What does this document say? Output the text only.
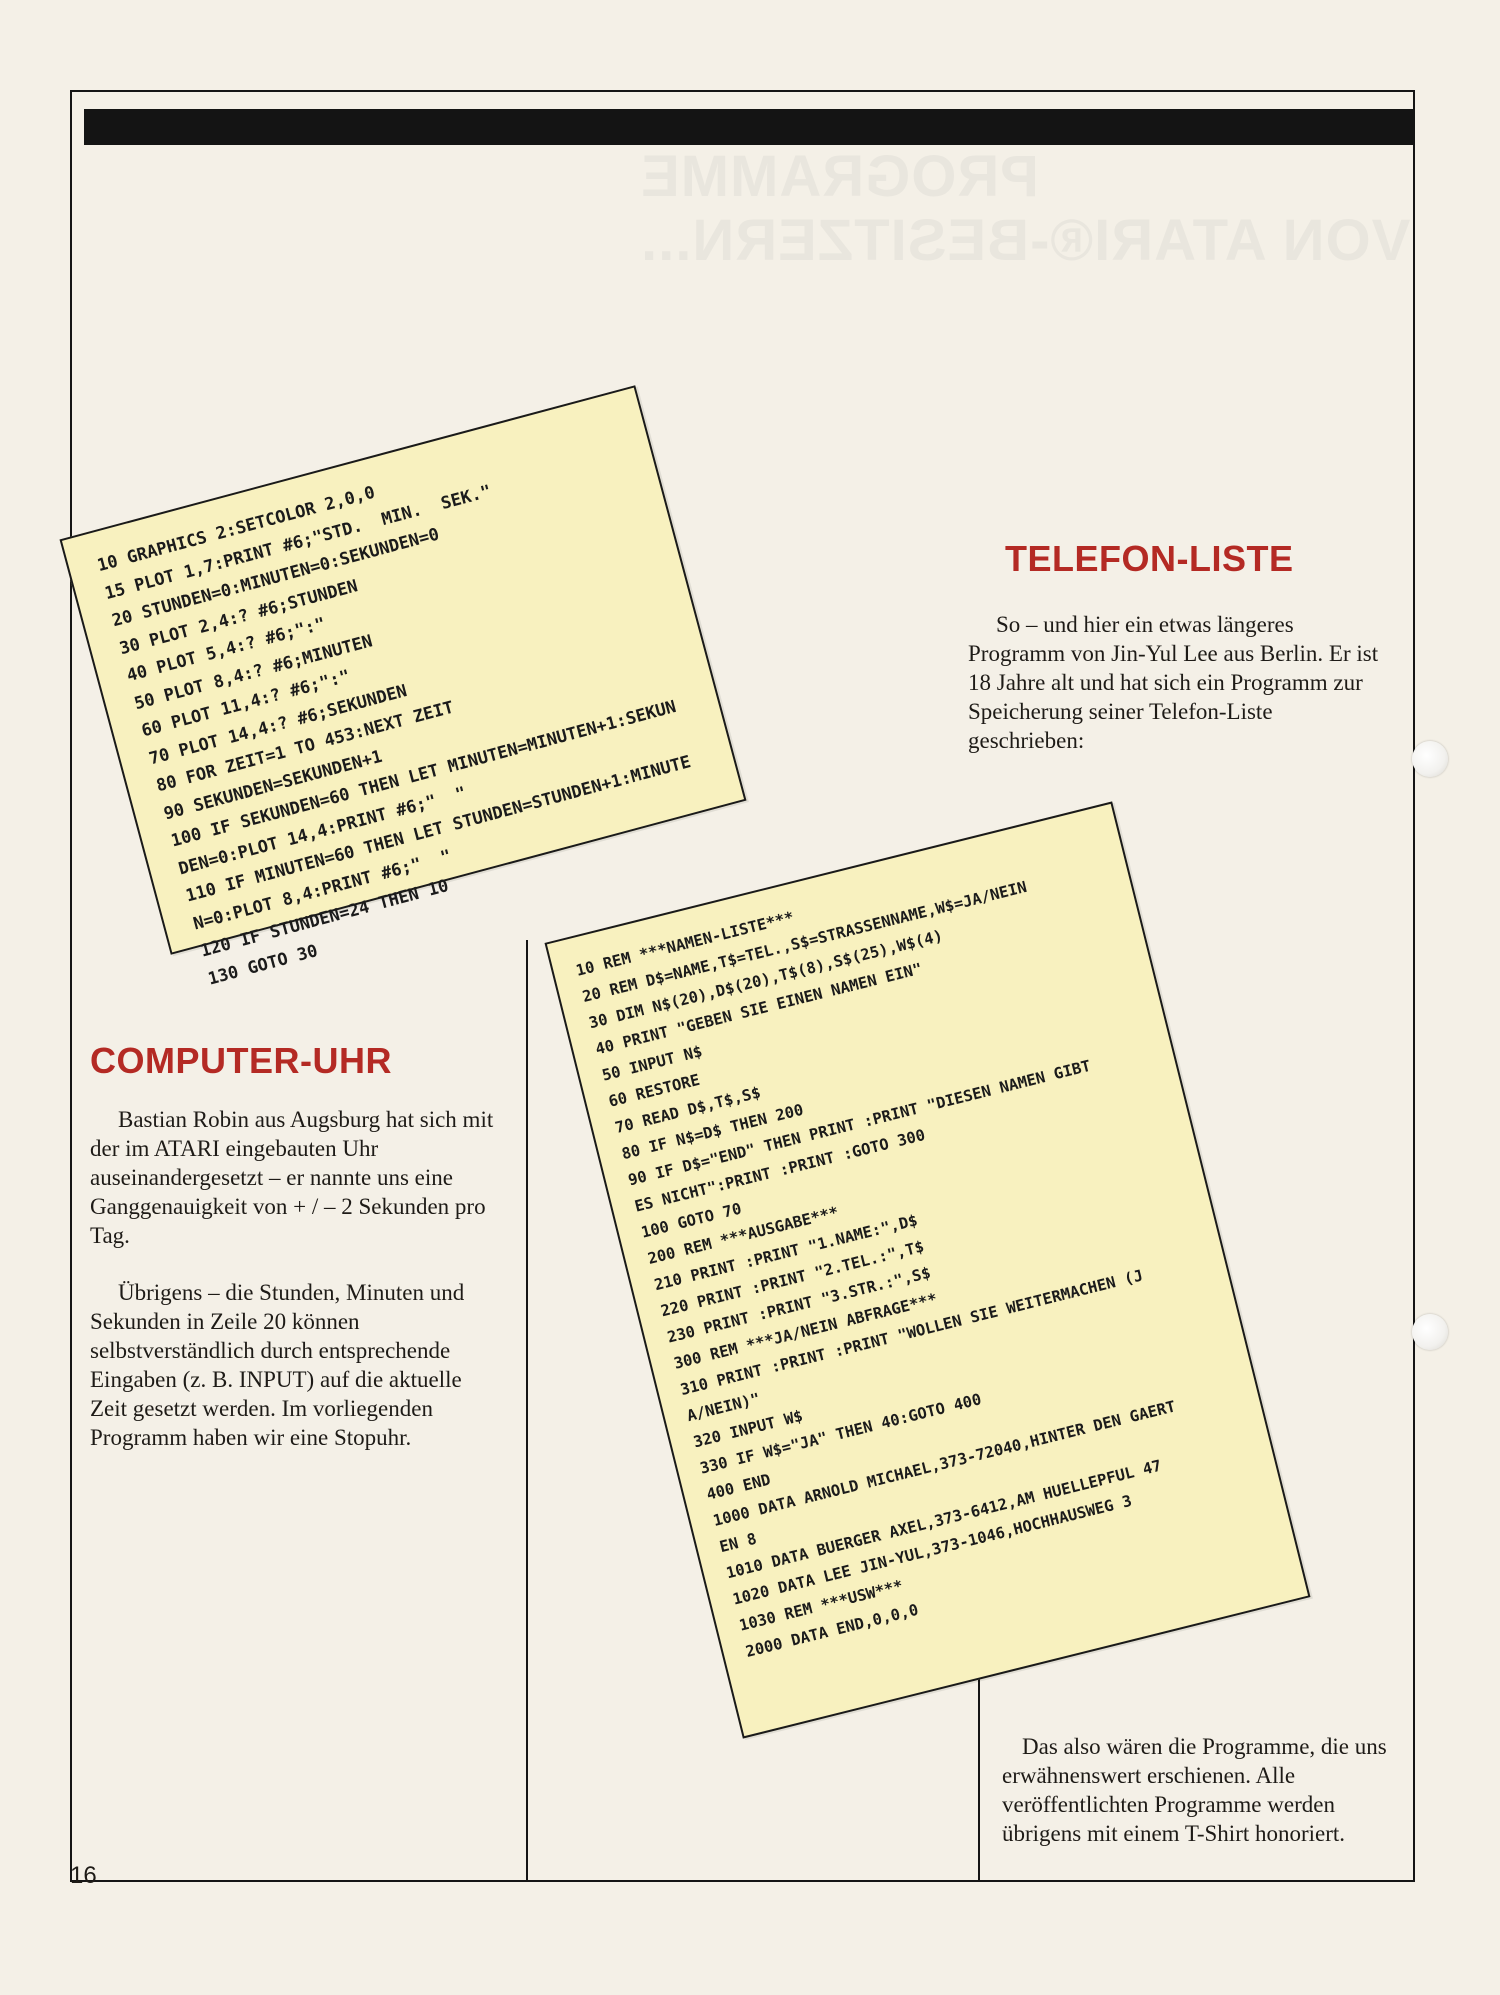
PROGRAMME
VON ATARI®-BESITZERN...
10 GRAPHICS 2:SETCOLOR 2,0,0
15 PLOT 1,7:PRINT #6;"STD.  MIN.  SEK."
20 STUNDEN=0:MINUTEN=0:SEKUNDEN=0
30 PLOT 2,4:? #6;STUNDEN
40 PLOT 5,4:? #6;":"
50 PLOT 8,4:? #6;MINUTEN
60 PLOT 11,4:? #6;":"
70 PLOT 14,4:? #6;SEKUNDEN
80 FOR ZEIT=1 TO 453:NEXT ZEIT
90 SEKUNDEN=SEKUNDEN+1
100 IF SEKUNDEN=60 THEN LET MINUTEN=MINUTEN+1:SEKUN
DEN=0:PLOT 14,4:PRINT #6;"  "
110 IF MINUTEN=60 THEN LET STUNDEN=STUNDEN+1:MINUTE
N=0:PLOT 8,4:PRINT #6;"  "
120 IF STUNDEN=24 THEN 10
130 GOTO 30
COMPUTER-UHR

Bastian Robin aus Augsburg hat sich mit der im ATARI eingebauten Uhr auseinandergesetzt – er nannte uns eine Ganggenauigkeit von + / – 2 Sekunden pro Tag.

Übrigens – die Stunden, Minuten und Sekunden in Zeile 20 können selbstverständlich durch entsprechende Eingaben (z. B. INPUT) auf die aktuelle Zeit gesetzt werden. Im vorliegenden Programm haben wir eine Stopuhr.

TELEFON-LISTE

So – und hier ein etwas längeres Programm von Jin-Yul Lee aus Berlin. Er ist 18 Jahre alt und hat sich ein Programm zur Speicherung seiner Telefon-Liste geschrieben:

10 REM ***NAMEN-LISTE***
20 REM D$=NAME,T$=TEL.,S$=STRASSENNAME,W$=JA/NEIN
30 DIM N$(20),D$(20),T$(8),S$(25),W$(4)
40 PRINT "GEBEN SIE EINEN NAMEN EIN"
50 INPUT N$
60 RESTORE
70 READ D$,T$,S$
80 IF N$=D$ THEN 200
90 IF D$="END" THEN PRINT :PRINT "DIESEN NAMEN GIBT
ES NICHT":PRINT :PRINT :GOTO 300
100 GOTO 70
200 REM ***AUSGABE***
210 PRINT :PRINT "1.NAME:",D$
220 PRINT :PRINT "2.TEL.:",T$
230 PRINT :PRINT "3.STR.:",S$
300 REM ***JA/NEIN ABFRAGE***
310 PRINT :PRINT :PRINT "WOLLEN SIE WEITERMACHEN (J
A/NEIN)"
320 INPUT W$
330 IF W$="JA" THEN 40:GOTO 400
400 END
1000 DATA ARNOLD MICHAEL,373-72040,HINTER DEN GAERT
EN 8
1010 DATA BUERGER AXEL,373-6412,AM HUELLEPFUL 47
1020 DATA LEE JIN-YUL,373-1046,HOCHHAUSWEG 3
1030 REM ***USW***
2000 DATA END,0,0,0

Das also wären die Programme, die uns erwähnenswert erschienen. Alle veröffentlichten Programme werden übrigens mit einem T-Shirt honoriert.

16
